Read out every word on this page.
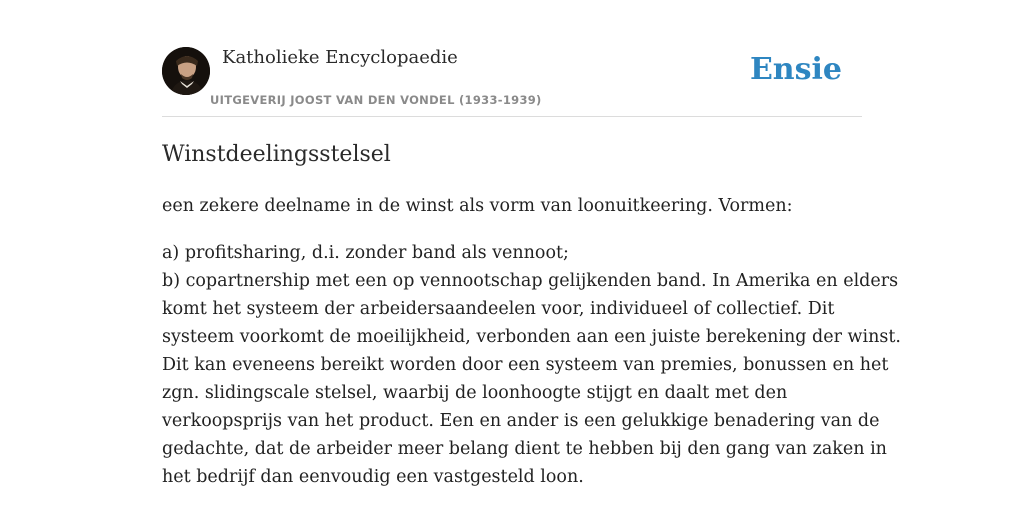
Katholieke Encyclopaedie
UITGEVERIJ JOOST VAN DEN VONDEL (1933-1939)
Ensie
Winstdeelingsstelsel

een zekere deelname in de winst als vorm van loonuitkeering. Vormen:

a) profitsharing, d.i. zonder band als vennoot;
b) copartnership met een op vennootschap gelijkenden band. In Amerika en elders
komt het systeem der arbeidersaandeelen voor, individueel of collectief. Dit
systeem voorkomt de moeilijkheid, verbonden aan een juiste berekening der winst.
Dit kan eveneens bereikt worden door een systeem van premies, bonussen en het
zgn. slidingscale stelsel, waarbij de loonhoogte stijgt en daalt met den
verkoopsprijs van het product. Een en ander is een gelukkige benadering van de
gedachte, dat de arbeider meer belang dient te hebben bij den gang van zaken in
het bedrijf dan eenvoudig een vastgesteld loon.
